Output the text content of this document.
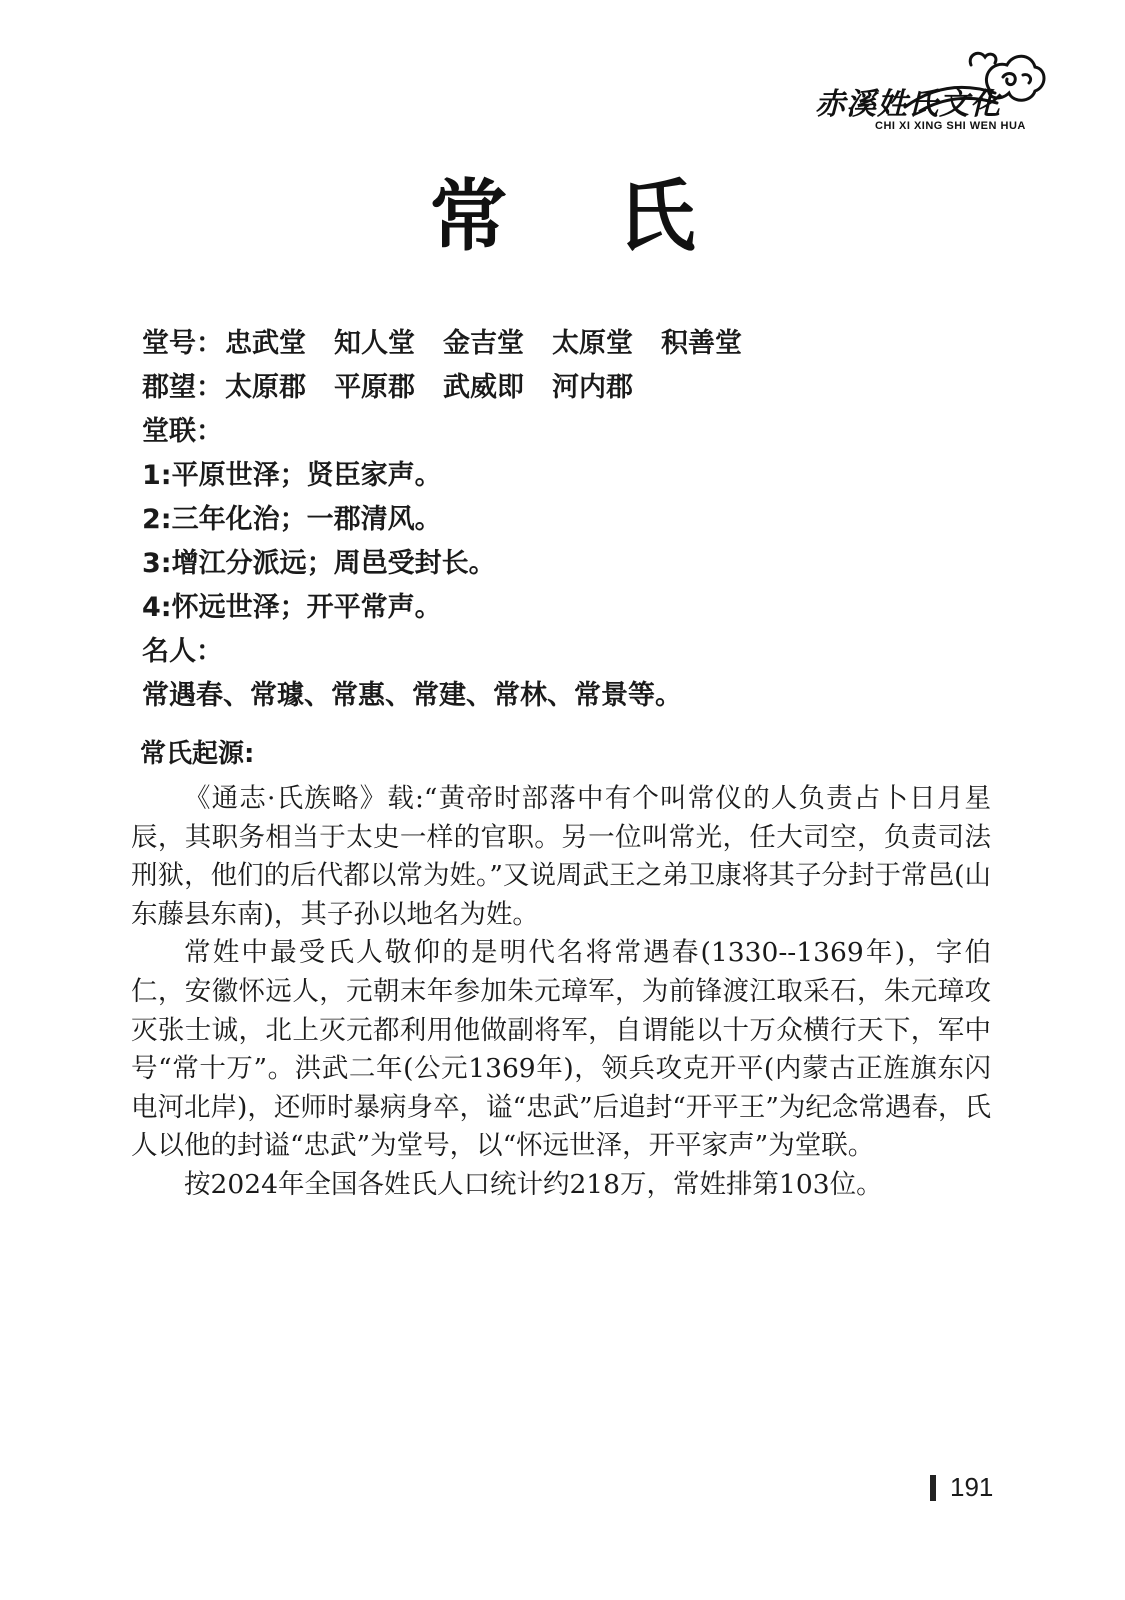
赤溪姓氏文化
CHI XI XING SHI WEN HUA
常 氏
堂号：忠武堂 知人堂 金吉堂 太原堂 积善堂
郡望：太原郡 平原郡 武威即 河内郡
堂联：
1:平原世泽；贤臣家声。
2:三年化治；一郡清风。
3:增江分派远；周邑受封长。
4:怀远世泽；开平常声。
名人：
常遇春、常璩、常惠、常建、常林、常景等。
常氏起源:

《通志·氏族略》载:“黄帝时部落中有个叫常仪的人负责占卜日月星辰，其职务相当于太史一样的官职。另一位叫常光，任大司空，负责司法刑狱，他们的后代都以常为姓。”又说周武王之弟卫康将其子分封于常邑(山东藤县东南)，其子孙以地名为姓。

常姓中最受氏人敬仰的是明代名将常遇春(1330--1369年)，字伯仁，安徽怀远人，元朝末年参加朱元璋军，为前锋渡江取采石，朱元璋攻灭张士诚，北上灭元都利用他做副将军，自谓能以十万众横行天下，军中号“常十万”。洪武二年(公元1369年)，领兵攻克开平(内蒙古正旌旗东闪电河北岸)，还师时暴病身卒，谥“忠武”后追封“开平王”为纪念常遇春，氏人以他的封谥“忠武”为堂号，以“怀远世泽，开平家声”为堂联。

按2024年全国各姓氏人口统计约218万，常姓排第103位。

191
